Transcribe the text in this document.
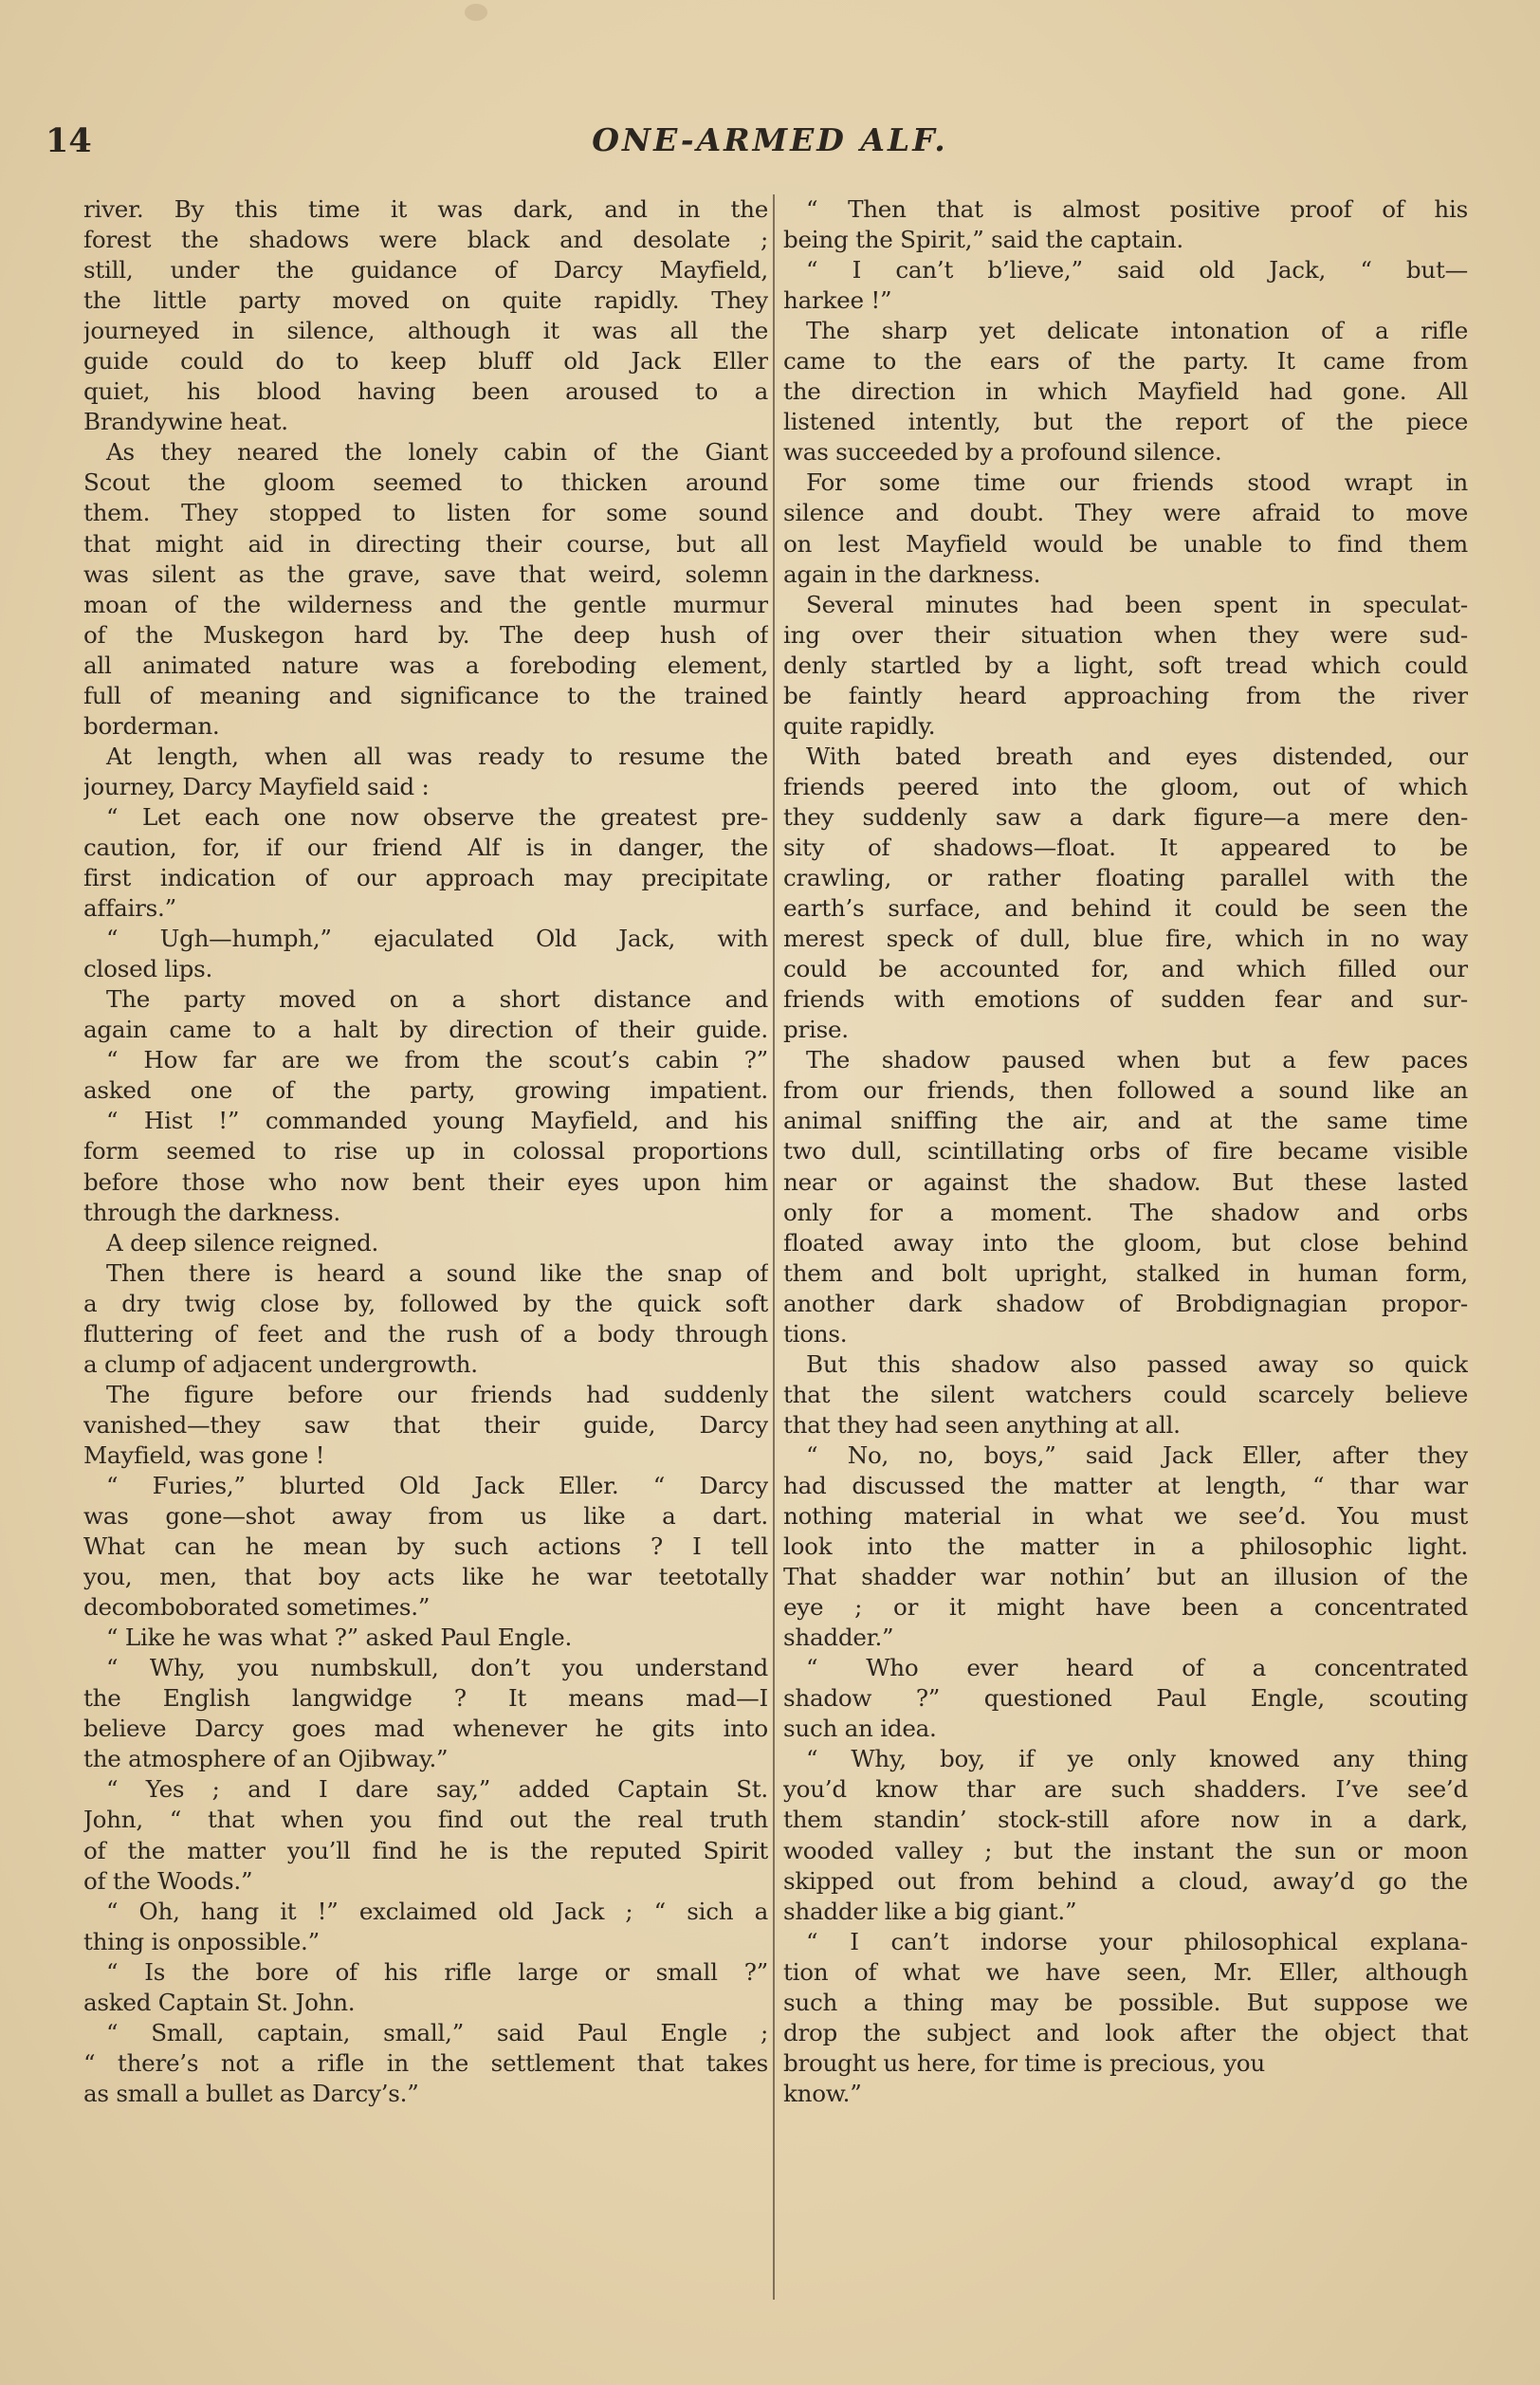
14	ONE-ARMED ALF.
river. By this time it was dark, and in the
forest the shadows were black and desolate ;
still, under the guidance of Darcy Mayfield,
the little party moved on quite rapidly. They
journeyed in silence, although it was all the
guide could do to keep bluff old Jack Eller
quiet, his blood having been aroused to a
Brandywine heat.
As they neared the lonely cabin of the Giant
Scout the gloom seemed to thicken around
them. They stopped to listen for some sound
that might aid in directing their course, but all
was silent as the grave, save that weird, solemn
moan of the wilderness and the gentle murmur
of the Muskegon hard by. The deep hush of
all animated nature was a foreboding element,
full of meaning and significance to the trained
borderman.
At length, when all was ready to resume the
journey, Darcy Mayfield said :
“ Let each one now observe the greatest pre-
caution, for, if our friend Alf is in danger, the
first indication of our approach may precipitate
affairs.”
“ Ugh—humph,” ejaculated Old Jack, with
closed lips.
The party moved on a short distance and
again came to a halt by direction of their guide.
“ How far are we from the scout’s cabin ?”
asked one of the party, growing impatient.
“ Hist !” commanded young Mayfield, and his
form seemed to rise up in colossal proportions
before those who now bent their eyes upon him
through the darkness.
A deep silence reigned.
Then there is heard a sound like the snap of
a dry twig close by, followed by the quick soft
fluttering of feet and the rush of a body through
a clump of adjacent undergrowth.
The figure before our friends had suddenly
vanished—they saw that their guide, Darcy
Mayfield, was gone !
“ Furies,” blurted Old Jack Eller. “ Darcy
was gone—shot away from us like a dart.
What can he mean by such actions ? I tell
you, men, that boy acts like he war teetotally
decomboborated sometimes.”
“ Like he was what ?” asked Paul Engle.
“ Why, you numbskull, don’t you understand
the English langwidge ? It means mad—I
believe Darcy goes mad whenever he gits into
the atmosphere of an Ojibway.”
“ Yes ; and I dare say,” added Captain St.
John, “ that when you find out the real truth
of the matter you’ll find he is the reputed Spirit
of the Woods.”
“ Oh, hang it !” exclaimed old Jack ; “ sich a
thing is onpossible.”
“ Is the bore of his rifle large or small ?”
asked Captain St. John.
“ Small, captain, small,” said Paul Engle ;
“ there’s not a rifle in the settlement that takes
as small a bullet as Darcy’s.”
“ Then that is almost positive proof of his
being the Spirit,” said the captain.
“ I can’t b’lieve,” said old Jack, “ but—
harkee !”
The sharp yet delicate intonation of a rifle
came to the ears of the party. It came from
the direction in which Mayfield had gone. All
listened intently, but the report of the piece
was succeeded by a profound silence.
For some time our friends stood wrapt in
silence and doubt. They were afraid to move
on lest Mayfield would be unable to find them
again in the darkness.
Several minutes had been spent in speculat-
ing over their situation when they were sud-
denly startled by a light, soft tread which could
be faintly heard approaching from the river
quite rapidly.
With bated breath and eyes distended, our
friends peered into the gloom, out of which
they suddenly saw a dark figure—a mere den-
sity of shadows—float. It appeared to be
crawling, or rather floating parallel with the
earth’s surface, and behind it could be seen the
merest speck of dull, blue fire, which in no way
could be accounted for, and which filled our
friends with emotions of sudden fear and sur-
prise.
The shadow paused when but a few paces
from our friends, then followed a sound like an
animal sniffing the air, and at the same time
two dull, scintillating orbs of fire became visible
near or against the shadow. But these lasted
only for a moment. The shadow and orbs
floated away into the gloom, but close behind
them and bolt upright, stalked in human form,
another dark shadow of Brobdignagian propor-
tions.
But this shadow also passed away so quick
that the silent watchers could scarcely believe
that they had seen anything at all.
“ No, no, boys,” said Jack Eller, after they
had discussed the matter at length, “ thar war
nothing material in what we see’d. You must
look into the matter in a philosophic light.
That shadder war nothin’ but an illusion of the
eye ; or it might have been a concentrated
shadder.”
“ Who ever heard of a concentrated
shadow ?” questioned Paul Engle, scouting
such an idea.
“ Why, boy, if ye only knowed any thing
you’d know thar are such shadders. I’ve see’d
them standin’ stock-still afore now in a dark,
wooded valley ; but the instant the sun or moon
skipped out from behind a cloud, away’d go the
shadder like a big giant.”
“ I can’t indorse your philosophical explana-
tion of what we have seen, Mr. Eller, although
such a thing may be possible. But suppose we
drop the subject and look after the object that
brought us here, for time is precious, you
know.”
